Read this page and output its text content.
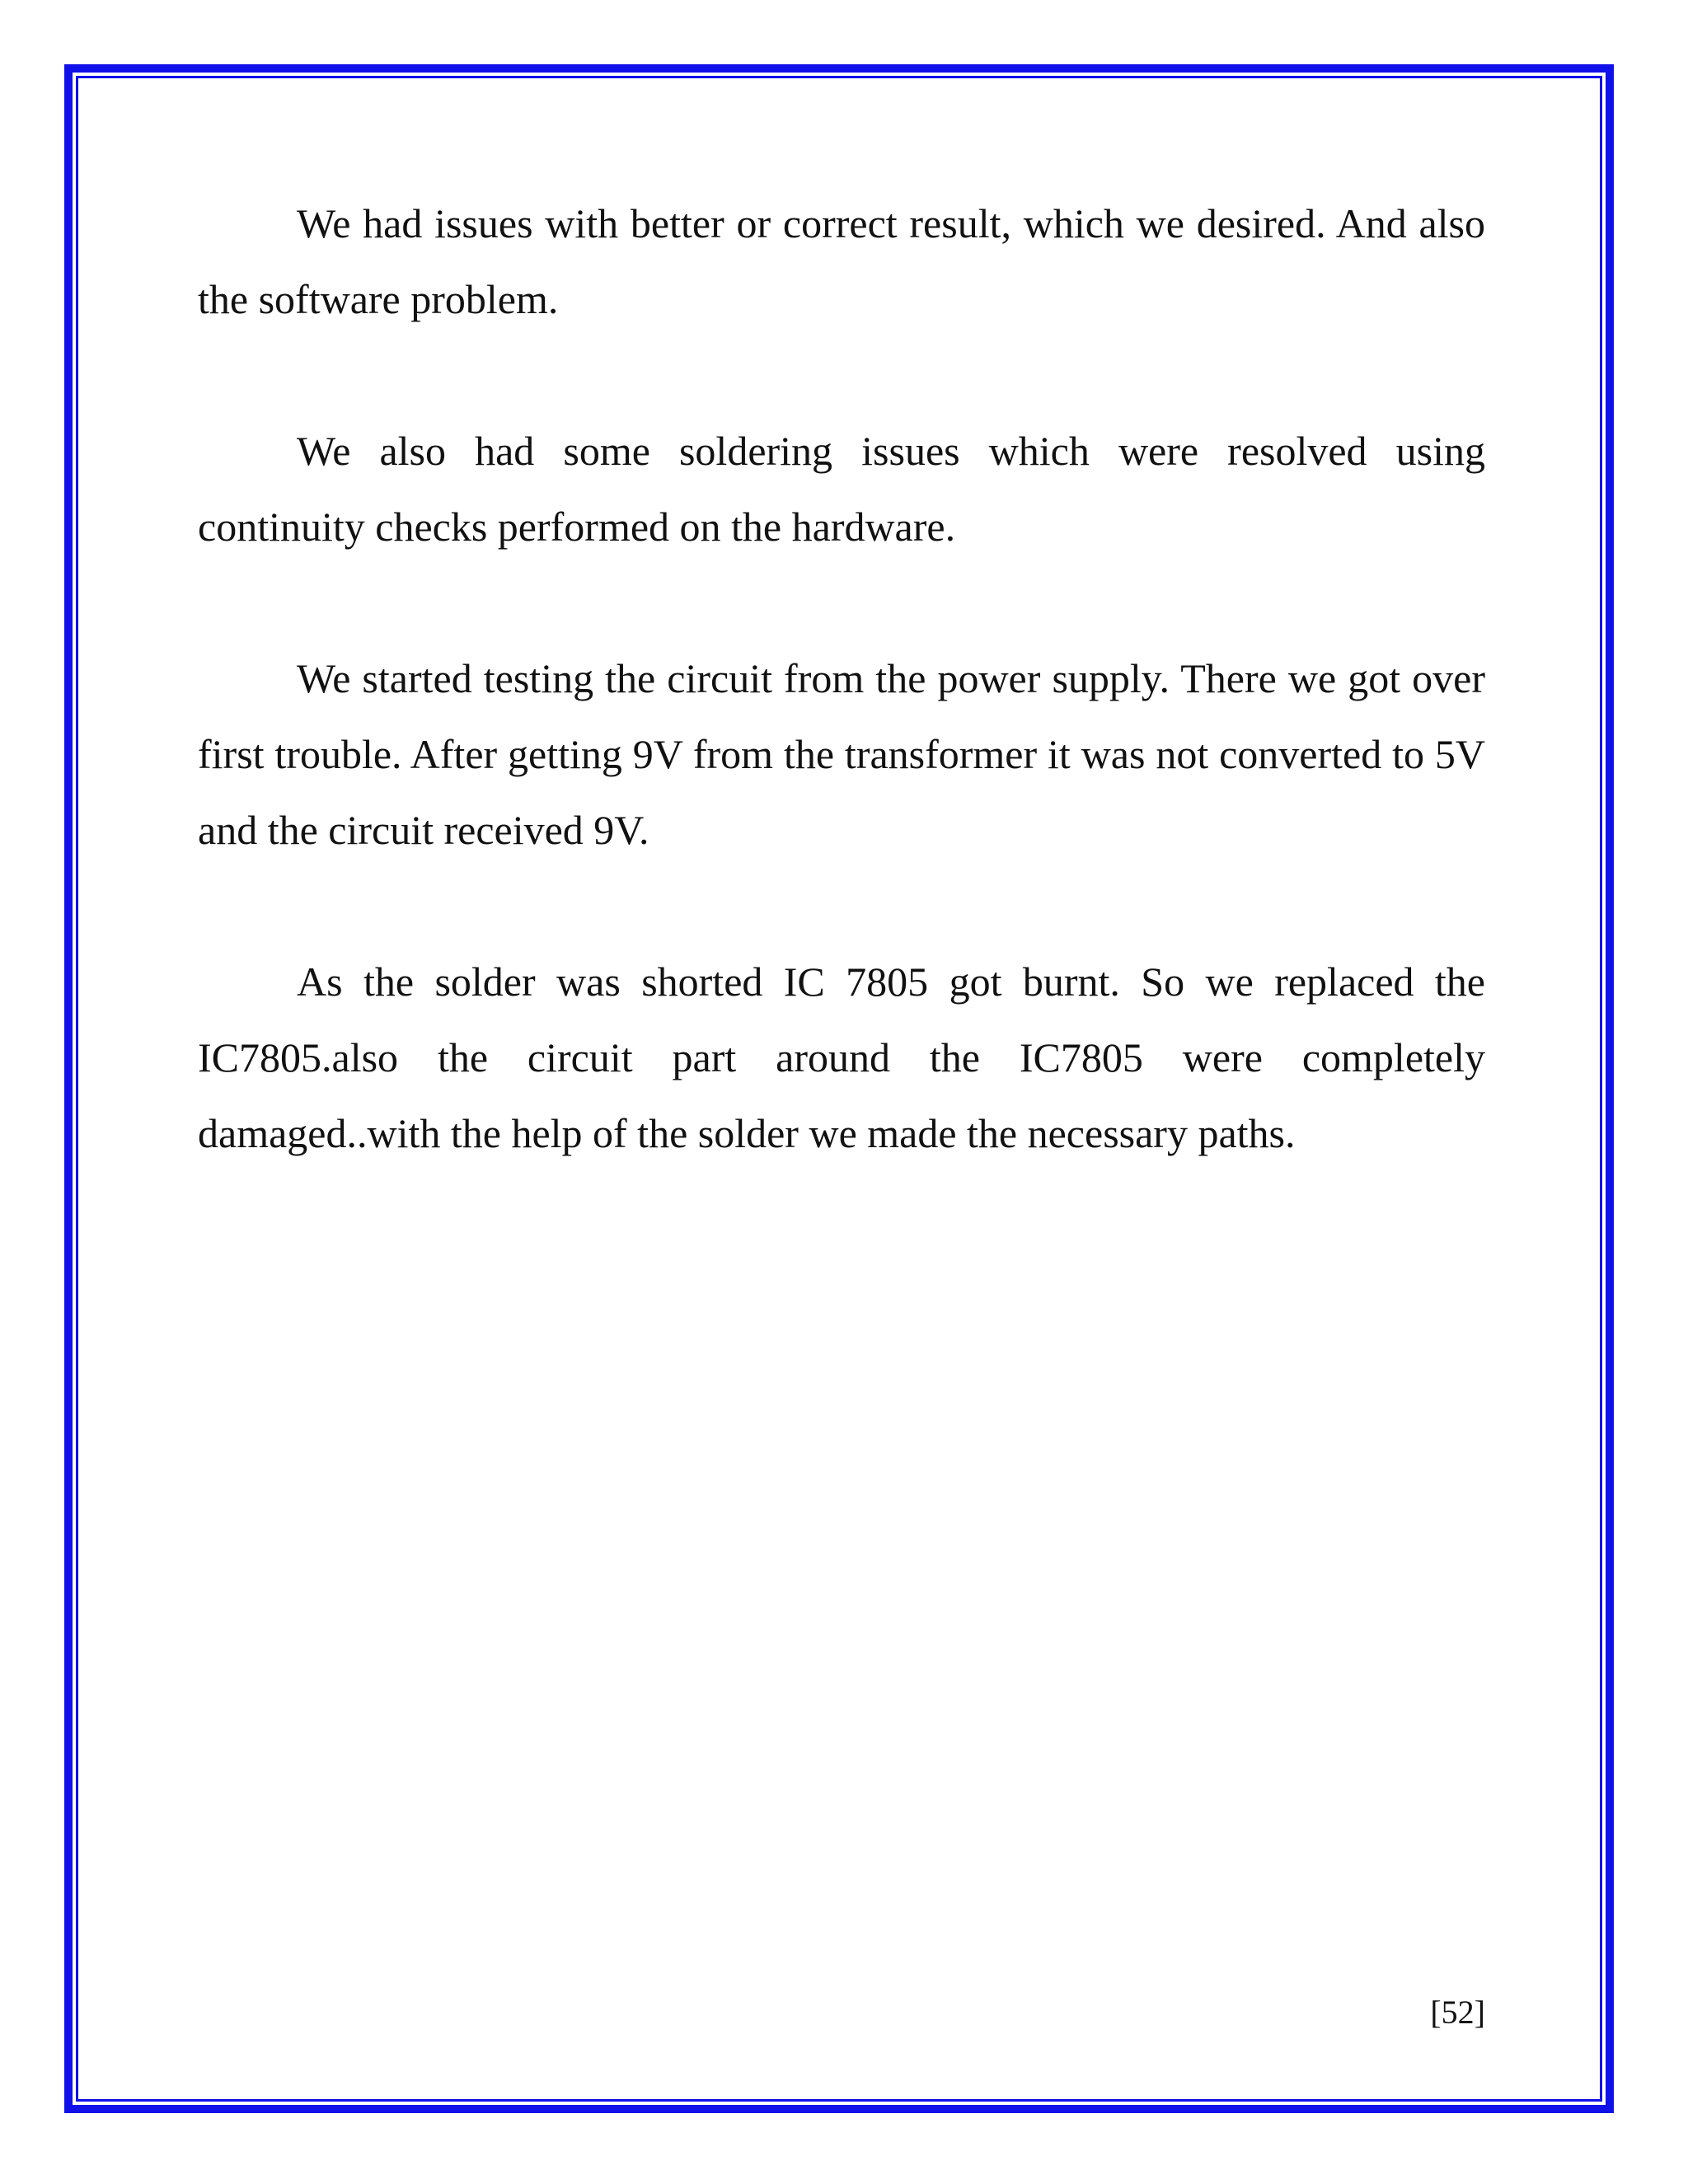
We had issues with better or correct result, which we desired. And also the software problem.

We also had some soldering issues which were resolved using continuity checks performed on the hardware.

We started testing the circuit from the power supply. There we got over first trouble. After getting 9V from the transformer it was not converted to 5V and the circuit received 9V.

As the solder was shorted IC 7805 got burnt. So we replaced the IC7805.also the circuit part around the IC7805 were completely damaged..with the help of the solder we made the necessary paths.

[52]
